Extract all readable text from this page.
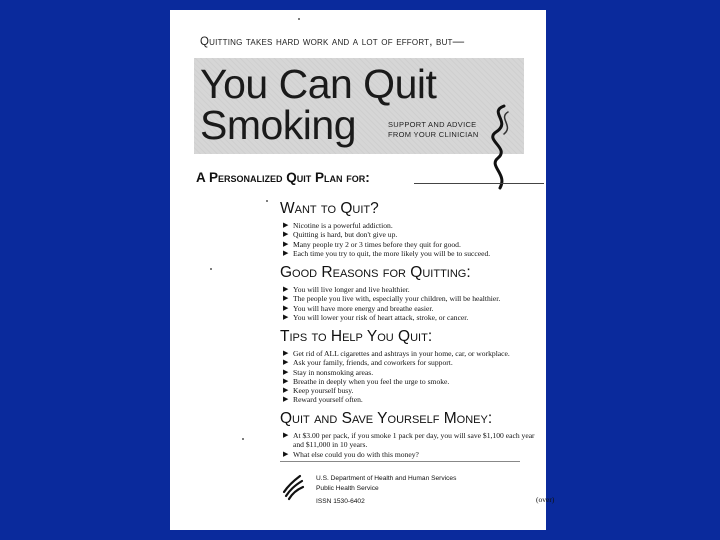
Quitting takes hard work and a lot of effort, but—
You Can Quit
Smoking	SUPPORT AND ADVICE
FROM YOUR CLINICIAN
A Personalized Quit Plan for:
Want to Quit?
▶ Nicotine is a powerful addiction.
▶ Quitting is hard, but don't give up.
▶ Many people try 2 or 3 times before they quit for good.
▶ Each time you try to quit, the more likely you will be to succeed.
Good Reasons for Quitting:
▶ You will live longer and live healthier.
▶ The people you live with, especially your children, will be healthier.
▶ You will have more energy and breathe easier.
▶ You will lower your risk of heart attack, stroke, or cancer.
Tips to Help You Quit:
▶ Get rid of ALL cigarettes and ashtrays in your home, car, or workplace.
▶ Ask your family, friends, and coworkers for support.
▶ Stay in nonsmoking areas.
▶ Breathe in deeply when you feel the urge to smoke.
▶ Keep yourself busy.
▶ Reward yourself often.
Quit and Save Yourself Money:
▶ At $3.00 per pack, if you smoke 1 pack per day, you will save $1,100 each year and $11,000 in 10 years.
▶ What else could you do with this money?
U.S. Department of Health and Human Services
Public Health Service
ISSN 1530-6402	(over)
